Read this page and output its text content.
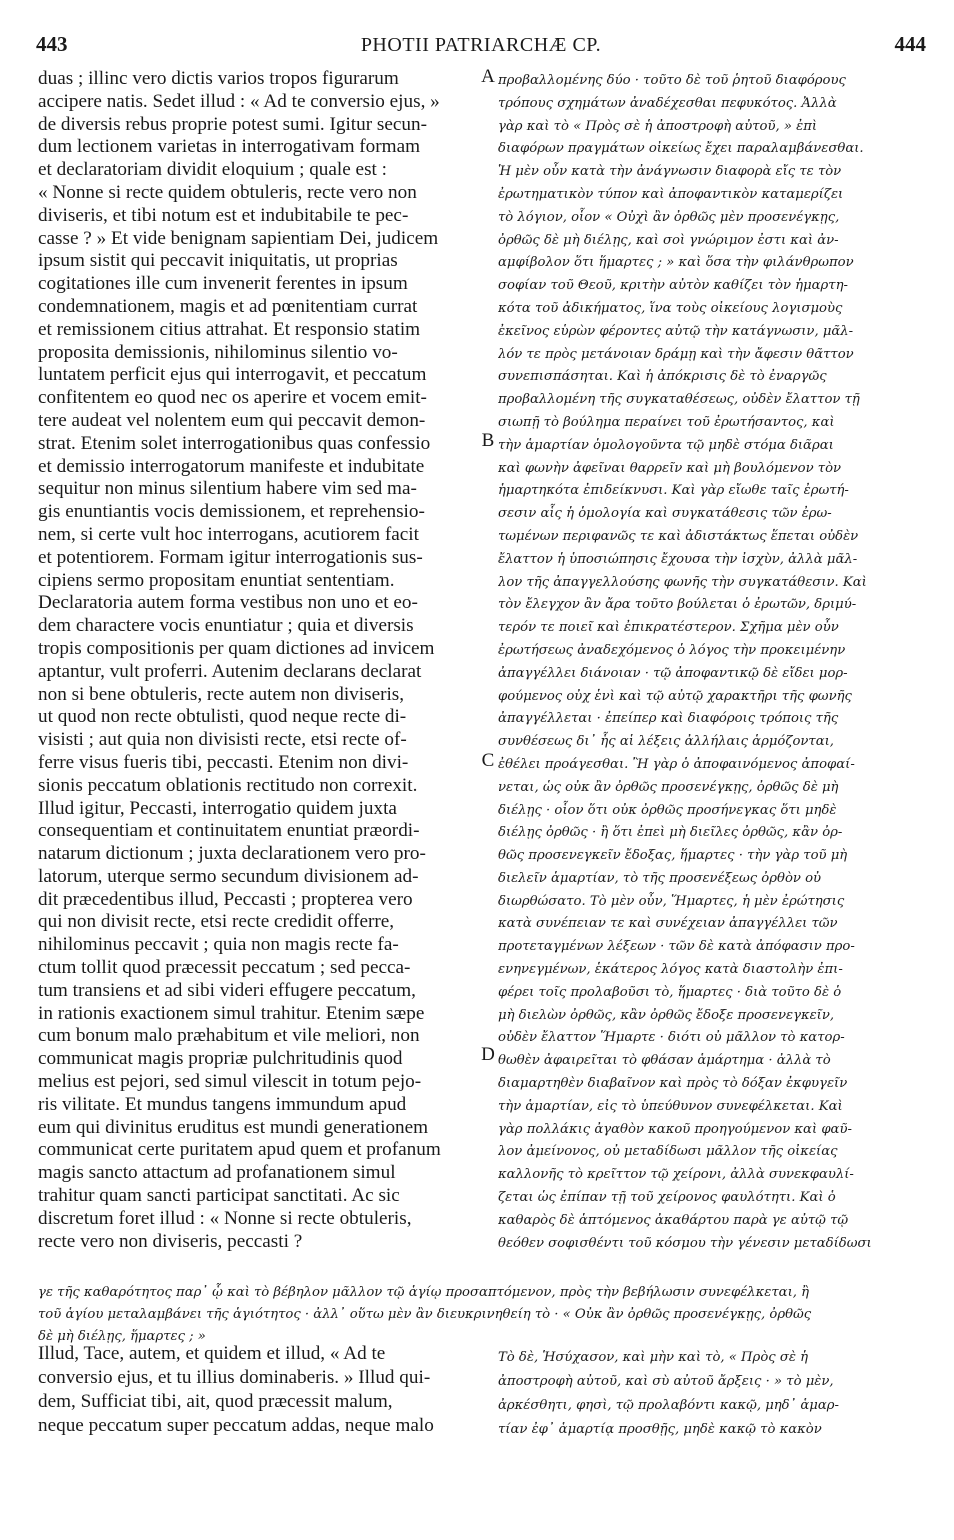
443	PHOTII PATRIARCHÆ CP.	444
duas ; illinc vero dictis varios tropos figurarum
accipere natis. Sedet illud : « Ad te conversio ejus, »
de diversis rebus proprie potest sumi. Igitur secun-
dum lectionem varietas in interrogativam formam
et declaratoriam dividit eloquium ; quale est :
« Nonne si recte quidem obtuleris, recte vero non
diviseris, et tibi notum est et indubitabile te pec-
casse ? » Et vide benignam sapientiam Dei, judicem
ipsum sistit qui peccavit iniquitatis, ut proprias
cogitationes ille cum invenerit ferentes in ipsum
condemnationem, magis et ad pœnitentiam currat
et remissionem citius attrahat. Et responsio statim
proposita demissionis, nihilominus silentio vo-
luntatem perficit ejus qui interrogavit, et peccatum
confitentem eo quod nec os aperire et vocem emit-
tere audeat vel nolentem eum qui peccavit demon-
strat. Etenim solet interrogationibus quas confessio
et demissio interrogatorum manifeste et indubitate
sequitur non minus silentium habere vim sed ma-
gis enuntiantis vocis demissionem, et reprehensio-
nem, si certe vult hoc interrogans, acutiorem facit
et potentiorem. Formam igitur interrogationis sus-
cipiens sermo propositam enuntiat sententiam.
Declaratoria autem forma vestibus non uno et eo-
dem charactere vocis enuntiatur ; quia et diversis
tropis compositionis per quam dictiones ad invicem
aptantur, vult proferri. Autenim declarans declarat
non si bene obtuleris, recte autem non diviseris,
ut quod non recte obtulisti, quod neque recte di-
visisti ; aut quia non divisisti recte, etsi recte of-
ferre visus fueris tibi, peccasti. Etenim non divi-
sionis peccatum oblationis rectitudo non correxit.
Illud igitur, Peccasti, interrogatio quidem juxta
consequentiam et continuitatem enuntiat præordi-
natarum dictionum ; juxta declarationem vero pro-
latorum, uterque sermo secundum divisionem ad-
dit præcedentibus illud, Peccasti ; propterea vero
qui non divisit recte, etsi recte credidit offerre,
nihilominus peccavit ; quia non magis recte fa-
ctum tollit quod præcessit peccatum ; sed pecca-
tum transiens et ad sibi videri effugere peccatum,
in rationis exactionem simul trahitur. Etenim sæpe
cum bonum malo præhabitum et vile meliori, non
communicat magis propriæ pulchritudinis quod
melius est pejori, sed simul vilescit in totum pejo-
ris vilitate. Et mundus tangens immundum apud
eum qui divinitus eruditus est mundi generationem
communicat certe puritatem apud quem et profanum
magis sancto attactum ad profanationem simul
trahitur quam sancti participat sanctitati. Ac sic
discretum foret illud : « Nonne si recte obtuleris,
recte vero non diviseris, peccasti ?
προβαλλομένης δύο · τοῦτο δὲ τοῦ ῥητοῦ διαφόρους
τρόπους σχημάτων ἀναδέχεσθαι πεφυκότος. Ἀλλὰ
γὰρ καὶ τὸ « Πρὸς σὲ ἡ ἀποστροφὴ αὐτοῦ, » ἐπὶ
διαφόρων πραγμάτων οἰκείως ἔχει παραλαμβάνεσθαι.
Ἡ μὲν οὖν κατὰ τὴν ἀνάγνωσιν διαφορὰ εἴς τε τὸν
ἐρωτηματικὸν τύπον καὶ ἀποφαντικὸν καταμερίζει
τὸ λόγιον, οἷον « Οὐχὶ ἂν ὀρθῶς μὲν προσενέγκῃς,
ὀρθῶς δὲ μὴ διέλῃς, καὶ σοὶ γνώριμον ἐστι καὶ ἀν-
αμφίβολον ὅτι ἥμαρτες ; » καὶ ὅσα τὴν φιλάνθρωπον
σοφίαν τοῦ Θεοῦ, κριτὴν αὐτὸν καθίζει τὸν ἡμαρτη-
κότα τοῦ ἀδικήματος, ἵνα τοὺς οἰκείους λογισμοὺς
ἐκεῖνος εὑρὼν φέροντες αὐτῷ τὴν κατάγνωσιν, μᾶλ-
λόν τε πρὸς μετάνοιαν δράμῃ καὶ τὴν ἄφεσιν θᾶττον
συνεπισπάσηται. Καὶ ἡ ἀπόκρισις δὲ τὸ ἐναργῶς
προβαλλομένη τῆς συγκαταθέσεως, οὐδὲν ἔλαττον τῇ
σιωπῇ τὸ βούλημα περαίνει τοῦ ἐρωτήσαντος, καὶ
τὴν ἁμαρτίαν ὁμολογοῦντα τῷ μηδὲ στόμα διᾶραι
καὶ φωνὴν ἀφεῖναι θαρρεῖν καὶ μὴ βουλόμενον τὸν
ἡμαρτηκότα ἐπιδείκνυσι. Καὶ γὰρ εἴωθε ταῖς ἐρωτή-
σεσιν αἷς ἡ ὁμολογία καὶ συγκατάθεσις τῶν ἐρω-
τωμένων περιφανῶς τε καὶ ἀδιστάκτως ἕπεται οὐδὲν
ἔλαττον ἡ ὑποσιώπησις ἔχουσα τὴν ἰσχὺν, ἀλλὰ μᾶλ-
λον τῆς ἀπαγγελλούσης φωνῆς τὴν συγκατάθεσιν. Καὶ
τὸν ἔλεγχον ἂν ἄρα τοῦτο βούλεται ὁ ἐρωτῶν, δριμύ-
τερόν τε ποιεῖ καὶ ἐπικρατέστερον. Σχῆμα μὲν οὖν
ἐρωτήσεως ἀναδεχόμενος ὁ λόγος τὴν προκειμένην
ἀπαγγέλλει διάνοιαν · τῷ ἀποφαντικῷ δὲ εἴδει μορ-
φούμενος οὐχ ἑνὶ καὶ τῷ αὐτῷ χαρακτῆρι τῆς φωνῆς
ἀπαγγέλλεται · ἐπείπερ καὶ διαφόροις τρόποις τῆς
συνθέσεως δι᾽ ἧς αἱ λέξεις ἀλλήλαις ἁρμόζονται,
ἐθέλει προάγεσθαι. Ἢ γὰρ ὁ ἀποφαινόμενος ἀποφαί-
νεται, ὡς οὐκ ἂν ὀρθῶς προσενέγκῃς, ὀρθῶς δὲ μὴ
διέλῃς · οἷον ὅτι οὐκ ὀρθῶς προσήνεγκας ὅτι μηδὲ
διέλῃς ὀρθῶς · ἢ ὅτι ἐπεὶ μὴ διεῖλες ὀρθῶς, κἂν ὀρ-
θῶς προσενεγκεῖν ἔδοξας, ἥμαρτες · τὴν γὰρ τοῦ μὴ
διελεῖν ἁμαρτίαν, τὸ τῆς προσενέξεως ὀρθὸν οὐ
διωρθώσατο. Τὸ μὲν οὖν, Ἥμαρτες, ἡ μὲν ἐρώτησις
κατὰ συνέπειαν τε καὶ συνέχειαν ἀπαγγέλλει τῶν
προτεταγμένων λέξεων · τῶν δὲ κατὰ ἀπόφασιν προ-
ενηνεγμένων, ἑκάτερος λόγος κατὰ διαστολὴν ἐπι-
φέρει τοῖς προλαβοῦσι τὸ, ἥμαρτες · διὰ τοῦτο δὲ ὁ
μὴ διελὼν ὀρθῶς, κἂν ὀρθῶς ἔδοξε προσενεγκεῖν,
οὐδὲν ἔλαττον Ἥμαρτε · διότι οὐ μᾶλλον τὸ κατορ-
θωθὲν ἀφαιρεῖται τὸ φθάσαν ἁμάρτημα · ἀλλὰ τὸ
διαμαρτηθὲν διαβαῖνον καὶ πρὸς τὸ δόξαν ἐκφυγεῖν
τὴν ἁμαρτίαν, εἰς τὸ ὑπεύθυνον συνεφέλκεται. Καὶ
γὰρ πολλάκις ἀγαθὸν κακοῦ προηγούμενον καὶ φαῦ-
λον ἀμείνονος, οὐ μεταδίδωσι μᾶλλον τῆς οἰκείας
καλλονῆς τὸ κρεῖττον τῷ χείρονι, ἀλλὰ συνεκφαυλί-
ζεται ὡς ἐπίπαν τῇ τοῦ χείρονος φαυλότητι. Καὶ ὁ
καθαρὸς δὲ ἁπτόμενος ἀκαθάρτου παρὰ γε αὐτῷ τῷ
θεόθεν σοφισθέντι τοῦ κόσμου τὴν γένεσιν μεταδίδωσι
A
B
C
D
γε τῆς καθαρότητος παρ᾽ ᾧ καὶ τὸ βέβηλον μᾶλλον τῷ ἁγίῳ προσαπτόμενον, πρὸς τὴν βεβήλωσιν συνεφέλκεται, ἢ
τοῦ ἁγίου μεταλαμβάνει τῆς ἁγιότητος · ἀλλ᾽ οὕτω μὲν ἂν διευκρινηθείη τὸ · « Οὐκ ἂν ὀρθῶς προσενέγκῃς, ὀρθῶς
δὲ μὴ διέλῃς, ἥμαρτες ; »
Illud, Tace, autem, et quidem et illud, « Ad te
conversio ejus, et tu illius dominaberis. » Illud qui-
dem, Sufficiat tibi, ait, quod præcessit malum,
neque peccatum super peccatum addas, neque malo
Τὸ δὲ, Ἡσύχασον, καὶ μὴν καὶ τὸ, « Πρὸς σὲ ἡ
ἀποστροφὴ αὐτοῦ, καὶ σὺ αὐτοῦ ἄρξεις · » τὸ μὲν,
ἀρκέσθητι, φησὶ, τῷ προλαβόντι κακῷ, μηδ᾽ ἁμαρ-
τίαν ἐφ᾽ ἁμαρτίᾳ προσθῇς, μηδὲ κακῷ τὸ κακὸν
